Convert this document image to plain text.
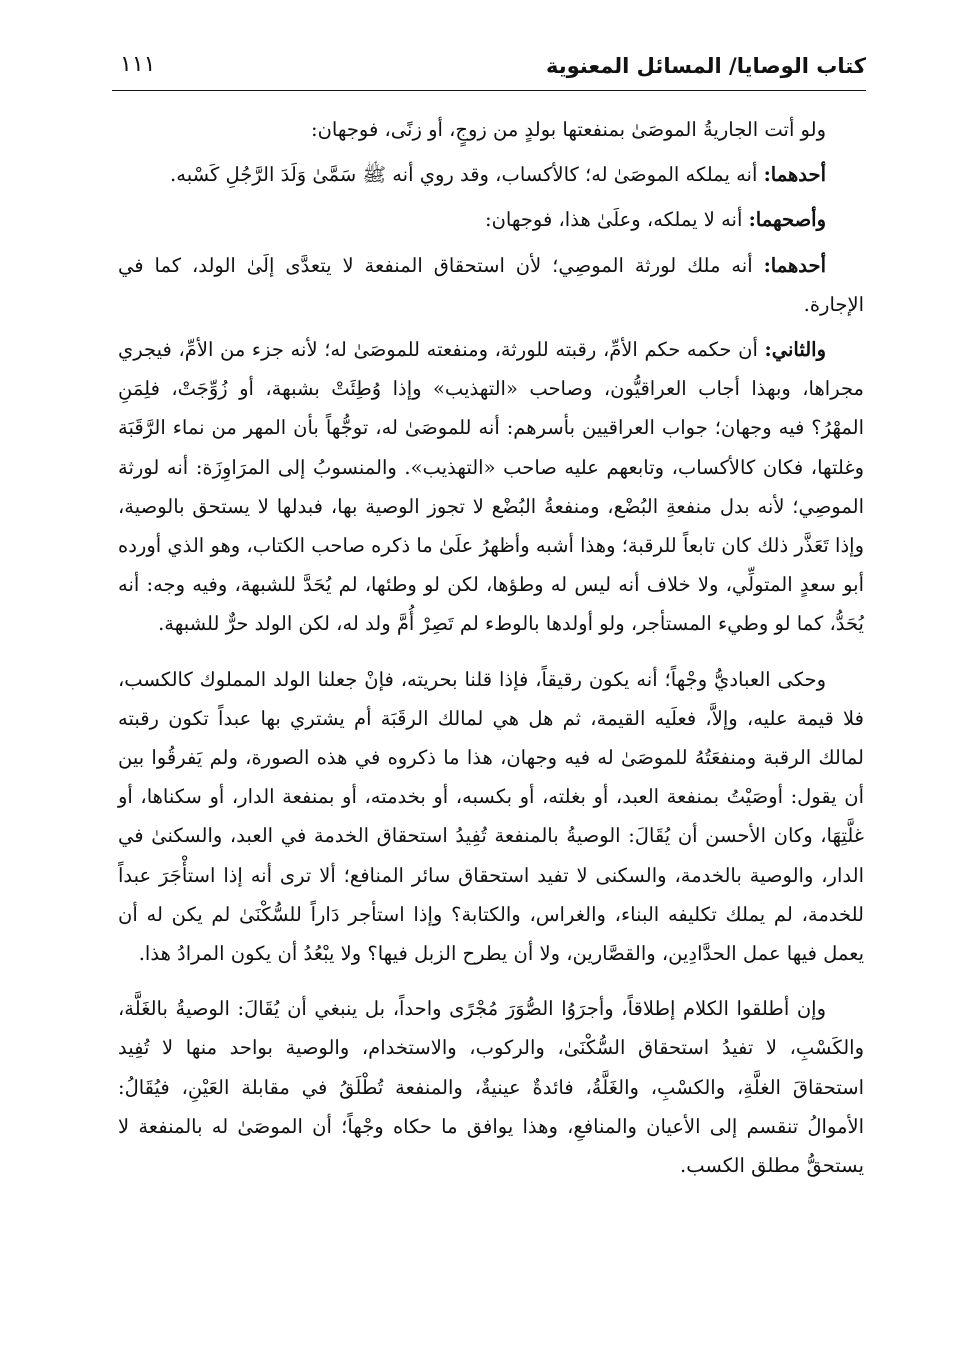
كتاب الوصايا/ المسائل المعنوية
١١١

ولو أتت الجاريةُ الموصَىٰ بمنفعتها بولدٍ من زوجٍ، أو زنًى، فوجهان:

أحدهما: أنه يملكه الموصَىٰ له؛ كالأكساب، وقد روي أنه ﷺ سَمَّىٰ وَلَدَ الرَّجُلِ كَسْبه.

وأصحهما: أنه لا يملكه، وعلَىٰ هذا، فوجهان:

أحدهما: أنه ملك لورثة الموصِي؛ لأن استحقاق المنفعة لا يتعدَّى إلَىٰ الولد، كما في الإجارة.

والثاني: أن حكمه حكم الأمِّ، رقبته للورثة، ومنفعته للموصَىٰ له؛ لأنه جزء من الأمِّ، فيجري مجراها، وبهذا أجاب العراقيُّون، وصاحب «التهذيب» وإذا وُطِئَتْ بشبهة، أو زُوِّجَتْ، فلِمَنِ المهْرُ؟ فيه وجهان؛ جواب العراقيين بأسرهم: أنه للموصَىٰ له، توجُّهاً بأن المهر من نماء الرَّقَبَة وغلتها، فكان كالأكساب، وتابعهم عليه صاحب «التهذيب». والمنسوبُ إلى المرَاوِزَة: أنه لورثة الموصِي؛ لأنه بدل منفعةِ البُضْع، ومنفعةُ البُضْع لا تجوز الوصية بها، فبدلها لا يستحق بالوصية، وإذا تَعَذَّر ذلك كان تابعاً للرقبة؛ وهذا أشبه وأظهرُ علَىٰ ما ذكره صاحب الكتاب، وهو الذي أورده أبو سعدٍ المتولِّي، ولا خلاف أنه ليس له وطؤها، لكن لو وطئها، لم يُحَدَّ للشبهة، وفيه وجه: أنه يُحَدُّ، كما لو وطيء المستأجر، ولو أولدها بالوطء لم تَصِرْ أُمَّ ولد له، لكن الولد حرٌّ للشبهة.

وحكى العباديُّ وجْهاً؛ أنه يكون رقيقاً، فإذا قلنا بحريته، فإنْ جعلنا الولد المملوك كالكسب، فلا قيمة عليه، وإلاَّ، فعلَيه القيمة، ثم هل هي لمالك الرقَبَة أم يشتري بها عبداً تكون رقبته لمالك الرقبة ومنفعَتُهُ للموصَىٰ له فيه وجهان، هذا ما ذكروه في هذه الصورة، ولم يَفرقُوا بين أن يقول: أوصَيْتُ بمنفعة العبد، أو بغلته، أو بكسبه، أو بخدمته، أو بمنفعة الدار، أو سكناها، أو غلَّتِهَا، وكان الأحسن أن يُقَالَ: الوصيةُ بالمنفعة تُفِيدُ استحقاق الخدمة في العبد، والسكنىٰ في الدار، والوصية بالخدمة، والسكنى لا تفيد استحقاق سائر المنافع؛ ألا ترى أنه إذا استأْجَرَ عبداً للخدمة، لم يملك تكليفه البناء، والغراس، والكتابة؟ وإذا استأجر دَاراً للسُّكْنَىٰ لم يكن له أن يعمل فيها عمل الحدَّادِين، والقصَّارين، ولا أن يطرح الزبل فيها؟ ولا يبْعُدُ أن يكون المرادُ هذا.

وإن أطلقوا الكلام إطلاقاً، وأجرَوُا الصُّوَرَ مُجْرًى واحداً، بل ينبغي أن يُقَالَ: الوصيةُ بالغَلَّة، والكَسْبِ، لا تفيدُ استحقاق السُّكْنَىٰ، والركوب، والاستخدام، والوصية بواحد منها لا تُفِيد استحقاقَ الغلَّةِ، والكسْبِ، والغَلَّةُ، فائدةٌ عينيةٌ، والمنفعة تُطْلَقُ في مقابلة العَيْنِ، فيُقَالُ: الأموالُ تنقسم إلى الأعيان والمنافعِ، وهذا يوافق ما حكاه وجْهاً؛ أن الموصَىٰ له بالمنفعة لا يستحقُّ مطلق الكسب.
